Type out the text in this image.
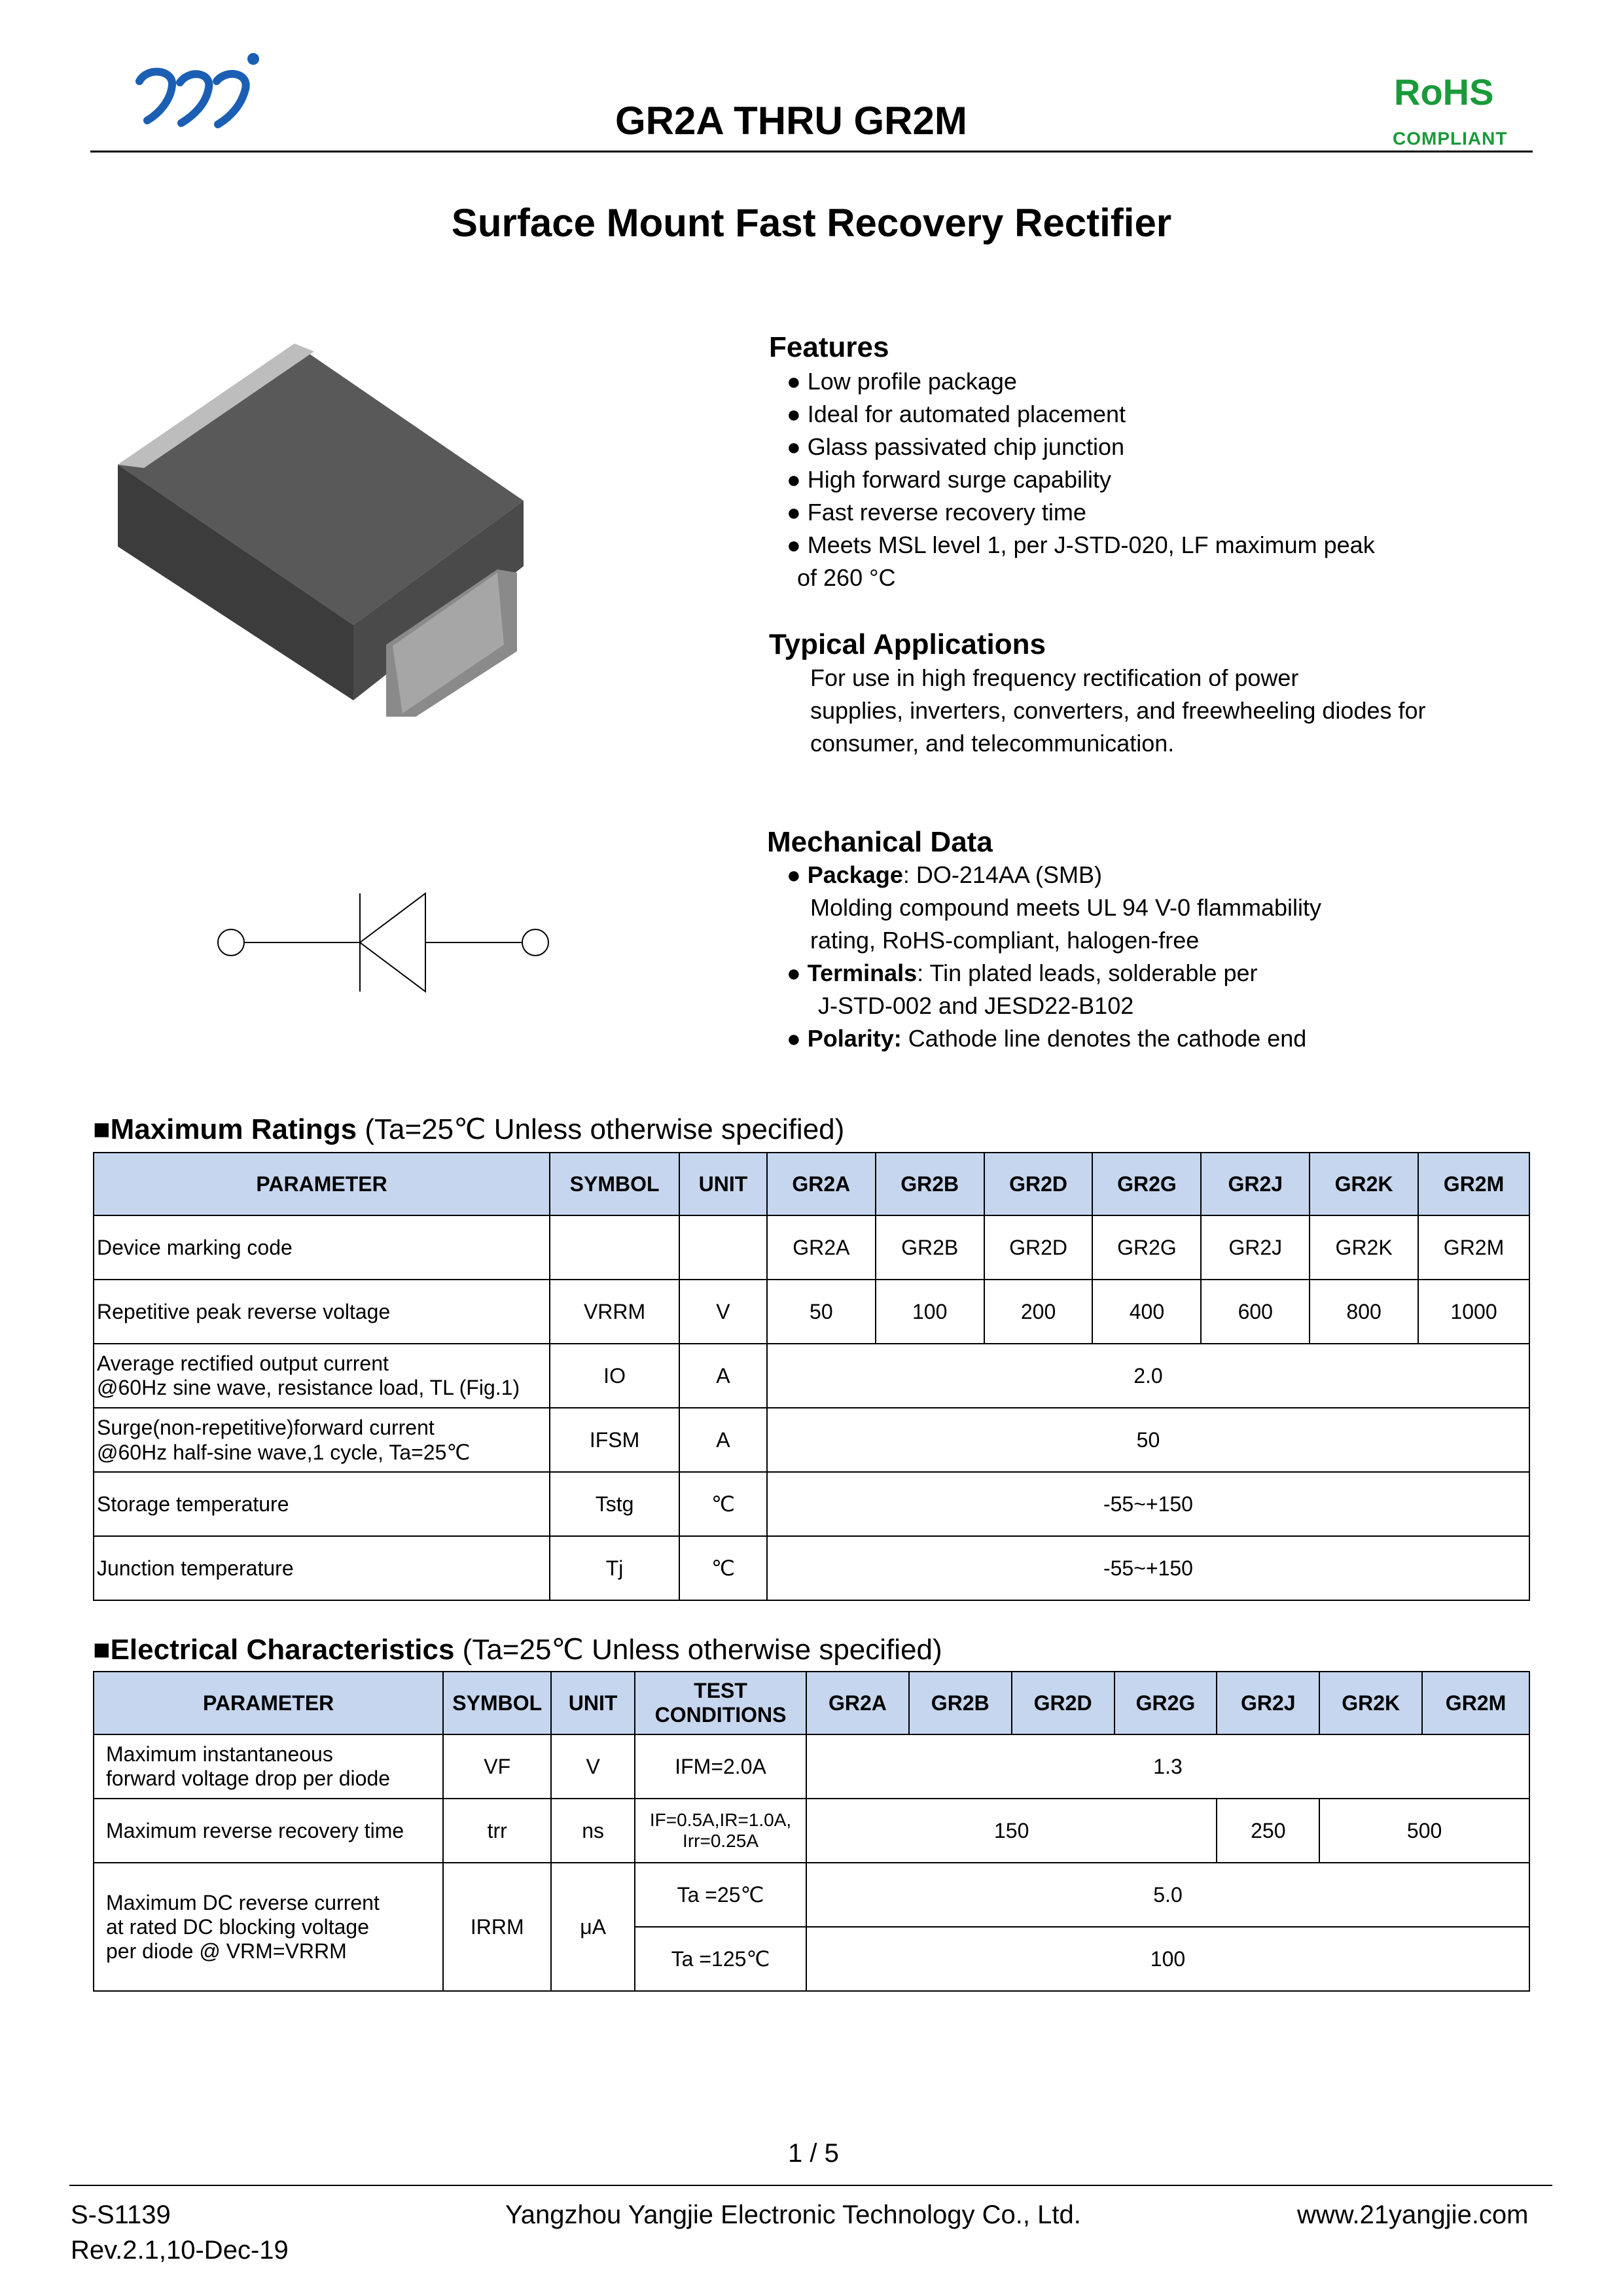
GR2A THRU GR2M
RoHS
COMPLIANT
Surface Mount Fast Recovery Rectifier
Features
● Low profile package
● Ideal for automated placement
● Glass passivated chip junction
● High forward surge capability
● Fast reverse recovery time
● Meets MSL level 1, per J-STD-020, LF maximum peak
of 260 °C
Typical Applications
For use in high frequency rectification of power
supplies, inverters, converters, and freewheeling diodes for
consumer, and telecommunication.
Mechanical Data
● Package: DO-214AA (SMB)
Molding compound meets UL 94 V-0 flammability
rating, RoHS-compliant, halogen-free
● Terminals: Tin plated leads, solderable per
J-STD-002 and JESD22-B102
● Polarity: Cathode line denotes the cathode end
■Maximum Ratings (Ta=25℃ Unless otherwise specified)
PARAMETER	SYMBOL	UNIT	GR2A	GR2B	GR2D	GR2G	GR2J	GR2K	GR2M
Device marking code			GR2A	GR2B	GR2D	GR2G	GR2J	GR2K	GR2M
Repetitive peak reverse voltage	VRRM	V	50	100	200	400	600	800	1000

Average rectified output current
@60Hz sine wave, resistance load, TL (Fig.1)	IO	A	2.0						

Surge(non-repetitive)forward current
@60Hz half-sine wave,1 cycle, Ta=25℃	IFSM	A	50						
Storage temperature	Tstg	℃	-55~+150						
Junction temperature	Tj	℃	-55~+150						
■Electrical Characteristics (Ta=25℃ Unless otherwise specified)
PARAMETER	SYMBOL	UNIT	TEST CONDITIONS	GR2A	GR2B	GR2D	GR2G	GR2J	GR2K	GR2M

Maximum instantaneous
forward voltage drop per diode	VF	V	IFM=2.0A	1.3						
Maximum reverse recovery time	trr	ns	IF=0.5A,IR=1.0A,
Irr=0.25A	150				250	500	

Maximum DC reverse current
at rated DC blocking voltage
per diode @ VRM=VRRM	IRRM	μA	Ta =25℃	5.0						
			Ta =125℃	100						
1 / 5
S-S1139
Rev.2.1,10-Dec-19
Yangzhou Yangjie Electronic Technology Co., Ltd.	www.21yangjie.com
